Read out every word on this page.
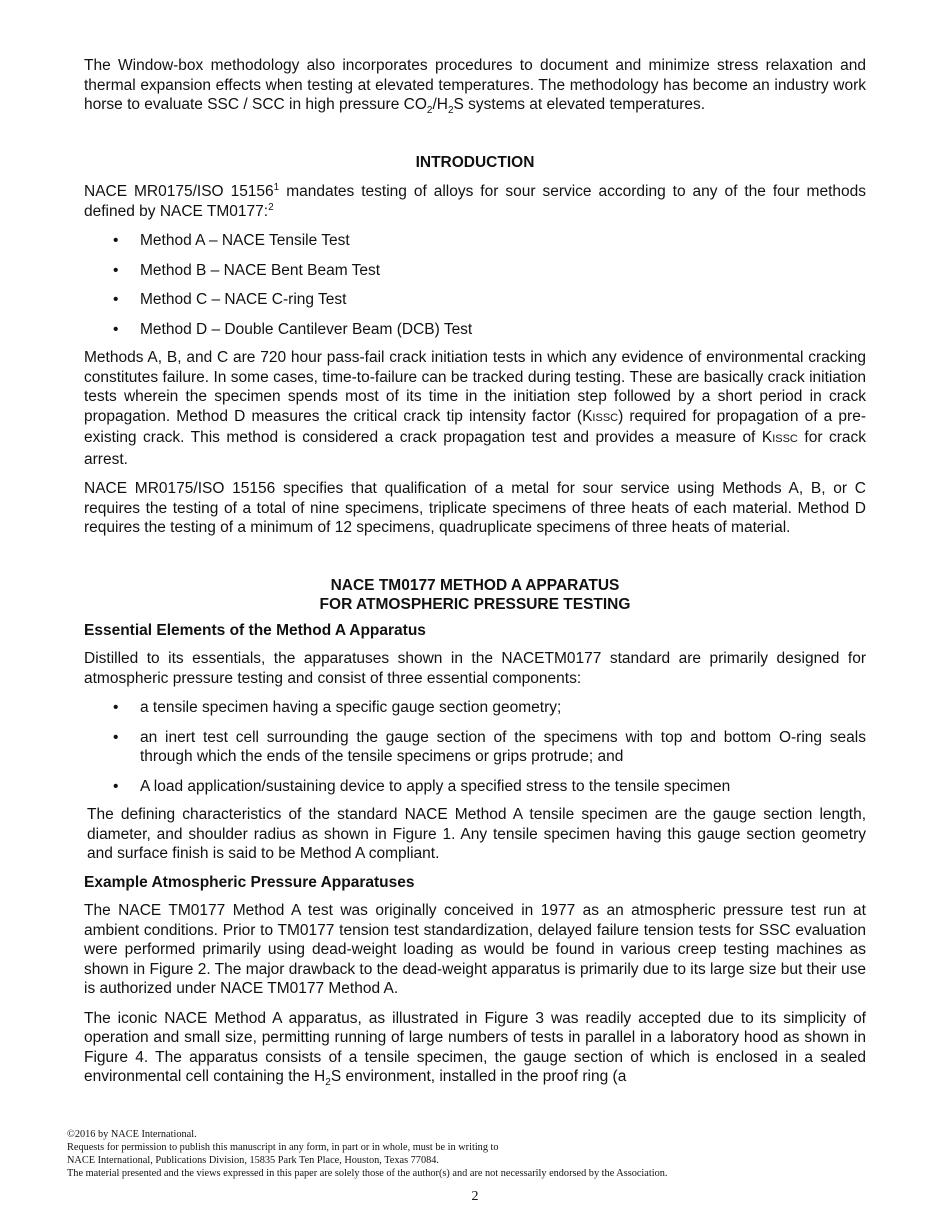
The Window-box methodology also incorporates procedures to document and minimize stress relaxation and thermal expansion effects when testing at elevated temperatures. The methodology has become an industry work horse to evaluate SSC / SCC in high pressure $CO_2/H_2S$ systems at elevated temperatures.

INTRODUCTION

NACE MR0175/ISO 15156$^1$ mandates testing of alloys for sour service according to any of the four methods defined by NACE TM0177:$^2$

• Method A – NACE Tensile Test
• Method B – NACE Bent Beam Test
• Method C – NACE C-ring Test
• Method D – Double Cantilever Beam (DCB) Test

Methods A, B, and C are 720 hour pass-fail crack initiation tests in which any evidence of environmental cracking constitutes failure. In some cases, time-to-failure can be tracked during testing. These are basically crack initiation tests wherein the specimen spends most of its time in the initiation step followed by a short period in crack propagation. Method D measures the critical crack tip intensity factor (KISSC) required for propagation of a pre-existing crack. This method is considered a crack propagation test and provides a measure of KISSC for crack arrest.

NACE MR0175/ISO 15156 specifies that qualification of a metal for sour service using Methods A, B, or C requires the testing of a total of nine specimens, triplicate specimens of three heats of each material. Method D requires the testing of a minimum of 12 specimens, quadruplicate specimens of three heats of material.

NACE TM0177 METHOD A APPARATUS

FOR ATMOSPHERIC PRESSURE TESTING

Essential Elements of the Method A Apparatus

Distilled to its essentials, the apparatuses shown in the NACETM0177 standard are primarily designed for atmospheric pressure testing and consist of three essential components:

• a tensile specimen having a specific gauge section geometry;
• an inert test cell surrounding the gauge section of the specimens with top and bottom O-ring seals through which the ends of the tensile specimens or grips protrude; and
• A load application/sustaining device to apply a specified stress to the tensile specimen

The defining characteristics of the standard NACE Method A tensile specimen are the gauge section length, diameter, and shoulder radius as shown in Figure 1. Any tensile specimen having this gauge section geometry and surface finish is said to be Method A compliant.

Example Atmospheric Pressure Apparatuses

The NACE TM0177 Method A test was originally conceived in 1977 as an atmospheric pressure test run at ambient conditions. Prior to TM0177 tension test standardization, delayed failure tension tests for SSC evaluation were performed primarily using dead-weight loading as would be found in various creep testing machines as shown in Figure 2. The major drawback to the dead-weight apparatus is primarily due to its large size but their use is authorized under NACE TM0177 Method A.

The iconic NACE Method A apparatus, as illustrated in Figure 3 was readily accepted due to its simplicity of operation and small size, permitting running of large numbers of tests in parallel in a laboratory hood as shown in Figure 4. The apparatus consists of a tensile specimen, the gauge section of which is enclosed in a sealed environmental cell containing the $H_2S$ environment, installed in the proof ring (a

©2016 by NACE International.
Requests for permission to publish this manuscript in any form, in part or in whole, must be in writing to
NACE International, Publications Division, 15835 Park Ten Place, Houston, Texas 77084.
The material presented and the views expressed in this paper are solely those of the author(s) and are not necessarily endorsed by the Association.
2
